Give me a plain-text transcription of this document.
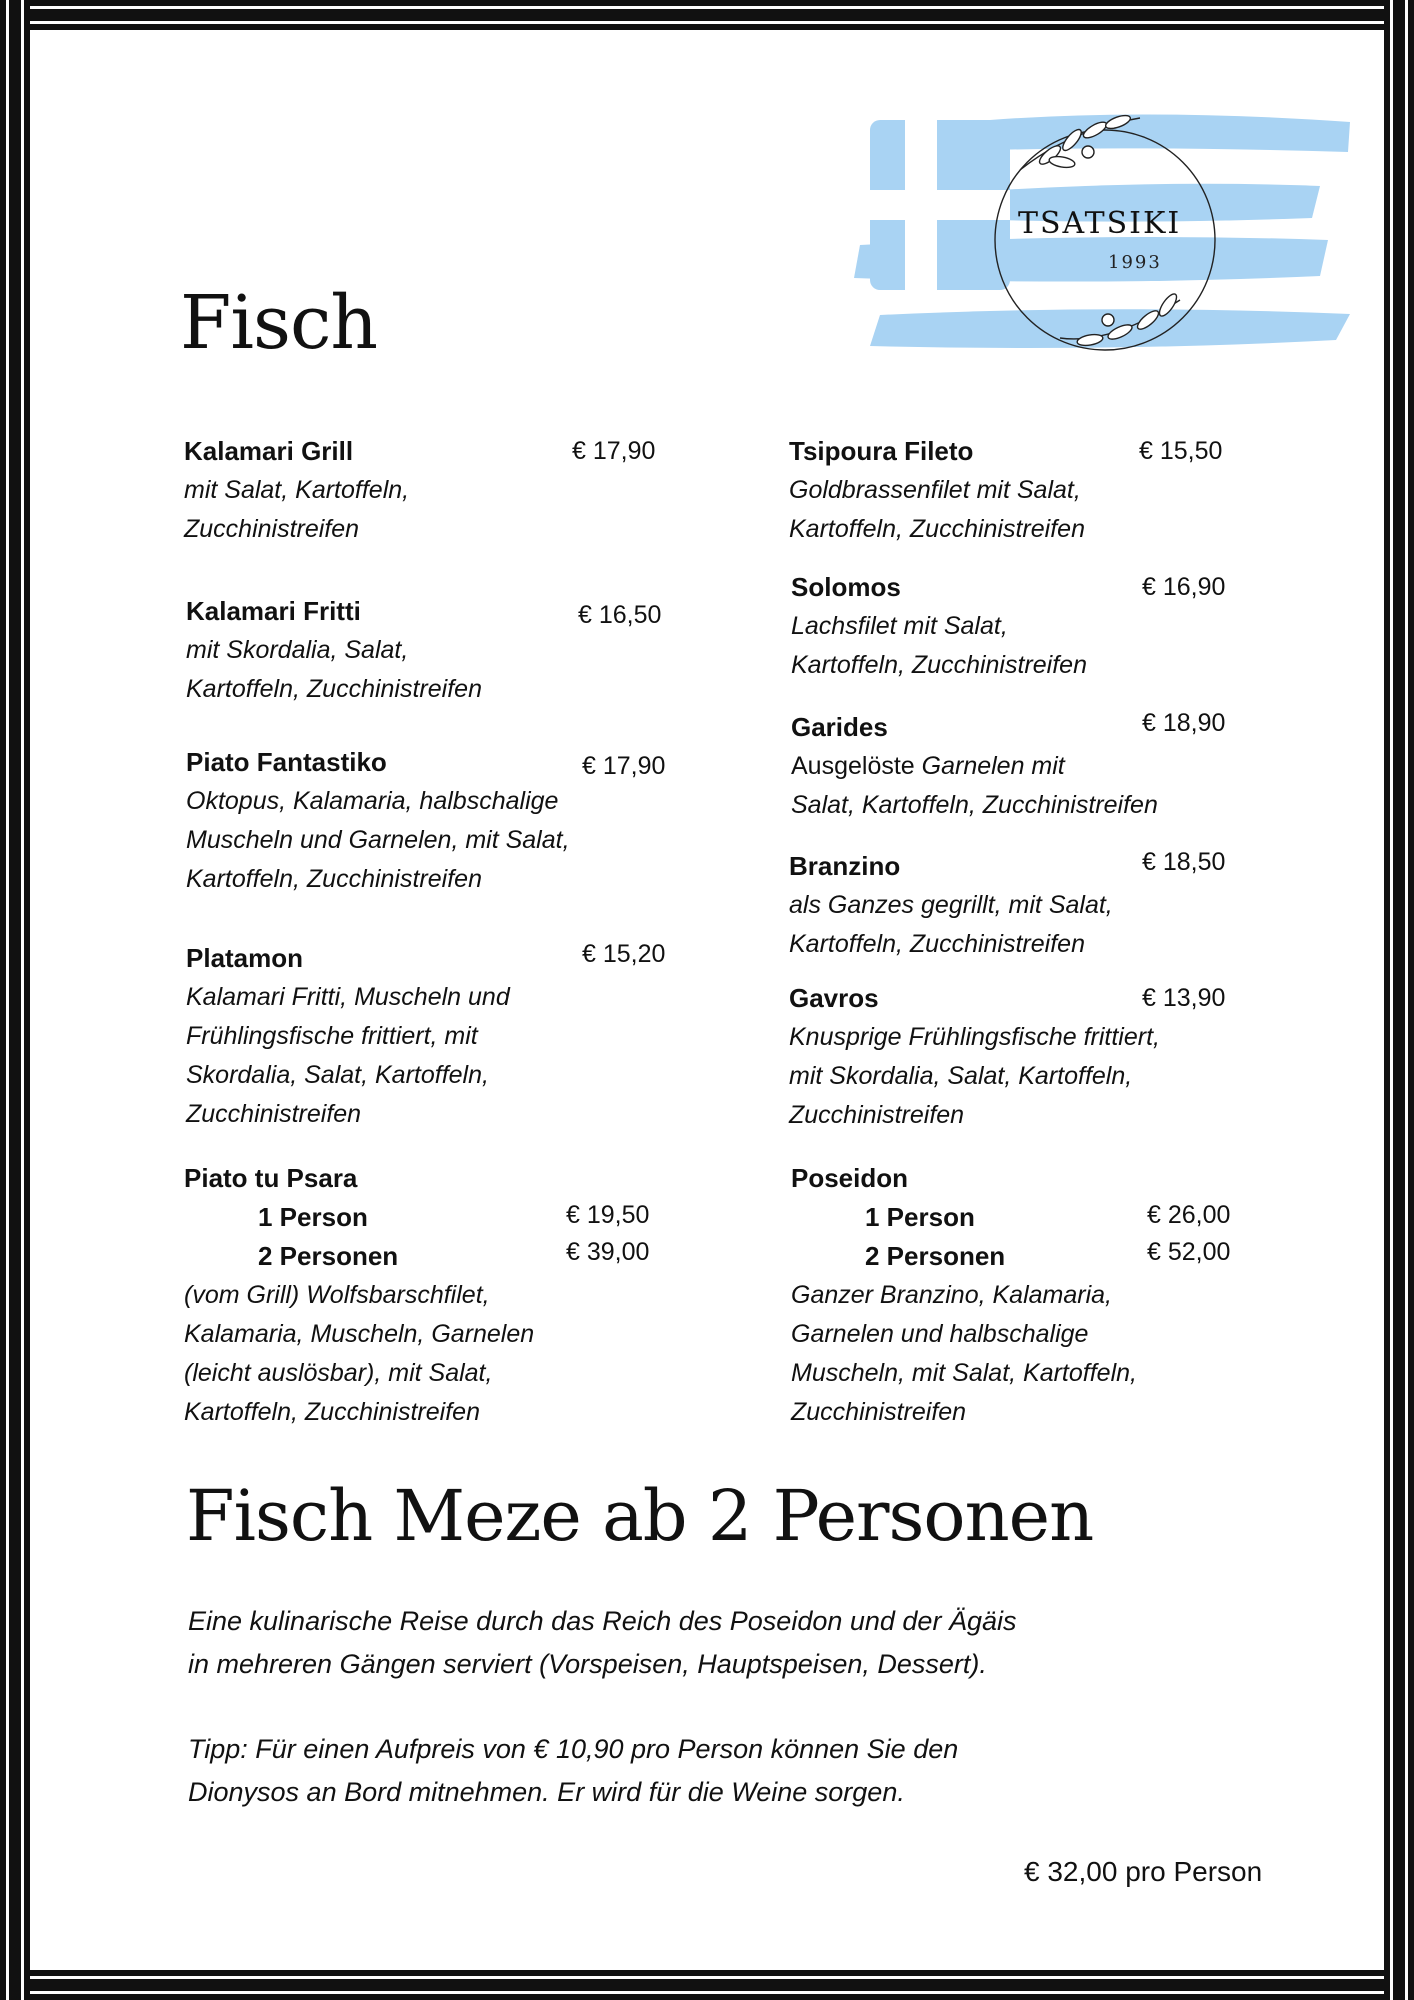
TSATSIKI
1993
Fisch
Kalamari Grill	€ 17,90
mit Salat, Kartoffeln,
Zucchinistreifen
Kalamari Fritti	€ 16,50
mit Skordalia, Salat,
Kartoffeln, Zucchinistreifen
Piato Fantastiko	€ 17,90
Oktopus, Kalamaria, halbschalige
Muscheln und Garnelen, mit Salat,
Kartoffeln, Zucchinistreifen
Platamon	€ 15,20
Kalamari Fritti, Muscheln und
Frühlingsfische frittiert, mit
Skordalia, Salat, Kartoffeln,
Zucchinistreifen
Piato tu Psara
1 Person	€ 19,50
2 Personen	€ 39,00
(vom Grill) Wolfsbarschfilet,
Kalamaria, Muscheln, Garnelen
(leicht auslösbar), mit Salat,
Kartoffeln, Zucchinistreifen
Tsipoura Fileto	€ 15,50
Goldbrassenfilet mit Salat,
Kartoffeln, Zucchinistreifen
Solomos	€ 16,90
Lachsfilet mit Salat,
Kartoffeln, Zucchinistreifen
Garides	€ 18,90
Ausgelöste Garnelen mit
Salat, Kartoffeln, Zucchinistreifen
Branzino	€ 18,50
als Ganzes gegrillt, mit Salat,
Kartoffeln, Zucchinistreifen
Gavros	€ 13,90
Knusprige Frühlingsfische frittiert,
mit Skordalia, Salat, Kartoffeln,
Zucchinistreifen
Poseidon
1 Person	€ 26,00
2 Personen	€ 52,00
Ganzer Branzino, Kalamaria,
Garnelen und halbschalige
Muscheln, mit Salat, Kartoffeln,
Zucchinistreifen
Fisch Meze ab 2 Personen
Eine kulinarische Reise durch das Reich des Poseidon und der Ägäis
in mehreren Gängen serviert (Vorspeisen, Hauptspeisen, Dessert).
Tipp: Für einen Aufpreis von € 10,90 pro Person können Sie den
Dionysos an Bord mitnehmen. Er wird für die Weine sorgen.
€ 32,00 pro Person
